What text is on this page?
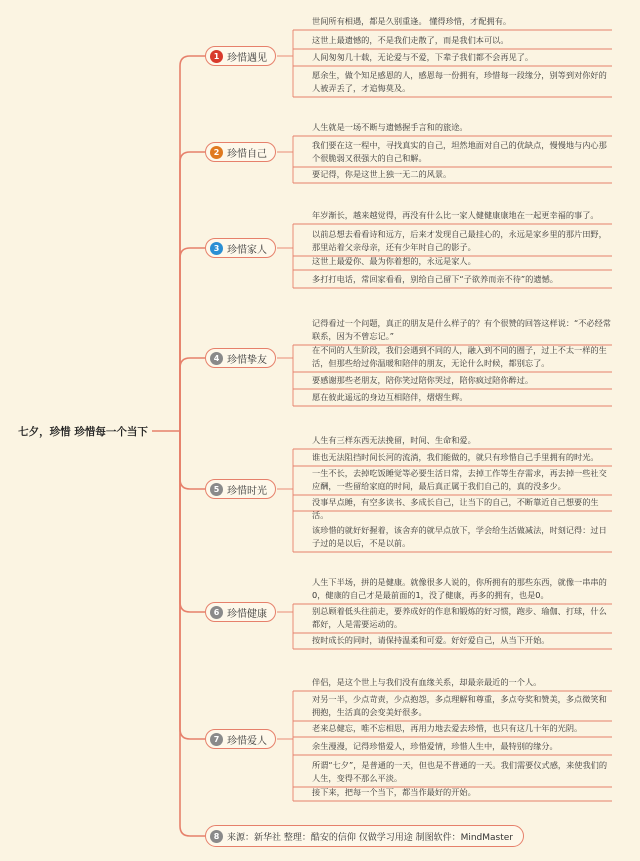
七夕，珍惜 珍惜每一个当下
1 珍惜遇见
世间所有相遇，都是久别重逢。 懂得珍惜，才配拥有。
这世上最遗憾的，不是我们走散了，而是我们本可以。
人间匆匆几十载，无论爱与不爱，下辈子我们都不会再见了。
愿余生，做个知足感恩的人，感恩每一份拥有，珍惜每一段缘分，别等到对你好的人被弄丢了，才追悔莫及。
2 珍惜自己
人生就是一场不断与遗憾握手言和的旅途。
我们要在这一程中，寻找真实的自己，坦然地面对自己的优缺点，慢慢地与内心那个很脆弱又很强大的自己和解。
要记得，你是这世上独一无二的风景。
3 珍惜家人
年岁渐长，越来越觉得，再没有什么比一家人健健康康地在一起更幸福的事了。
以前总想去看看诗和远方，后来才发现自己最挂心的，永远是家乡里的那片田野，那里站着父亲母亲，还有少年时自己的影子。
这世上最爱你、最为你着想的，永远是家人。
多打打电话，常回家看看，别给自己留下“子欲养而亲不待”的遗憾。
4 珍惜挚友
记得看过一个问题，真正的朋友是什么样子的？有个很赞的回答这样说：“不必经常联系，因为不曾忘记。”
在不同的人生阶段，我们会遇到不同的人，融入到不同的圈子，过上不太一样的生活，但那些给过你温暖和陪伴的朋友，无论什么时候，都别忘了。
要感谢那些老朋友，陪你笑过陪你哭过，陪你疯过陪你醉过。
愿在彼此遥远的身边互相陪伴，熠熠生辉。
5 珍惜时光
人生有三样东西无法挽留，时间、生命和爱。
谁也无法阻挡时间长河的流淌，我们能做的，就只有珍惜自己手里拥有的时光。
一生不长，去掉吃饭睡觉等必要生活日常，去掉工作等生存需求，再去掉一些社交应酬，一些留给家庭的时间，最后真正属于我们自己的，真的没多少。
没事早点睡，有空多读书、多成长自己，让当下的自己，不断靠近自己想要的生活。
该珍惜的就好好握着，该舍弃的就早点放下，学会给生活做减法，时刻记得：过日子过的是以后，不是以前。
6 珍惜健康
人生下半场，拼的是健康。就像很多人说的，你所拥有的那些东西，就像一串串的0，健康的自己才是最前面的1，没了健康，再多的拥有，也是0。
别总顾着低头往前走，要养成好的作息和锻炼的好习惯，跑步、瑜伽、打球，什么都好，人是需要运动的。
按时成长的同时，请保持温柔和可爱。好好爱自己，从当下开始。
7 珍惜爱人
伴侣，是这个世上与我们没有血缘关系，却最亲最近的一个人。
对另一半，少点苛责，少点抱怨，多点理解和尊重，多点夸奖和赞美，多点微笑和拥抱，生活真的会变美好很多。
老来总健忘，唯不忘相思，再用力地去爱去珍惜，也只有这几十年的光阴。
余生漫漫，记得珍惜爱人，珍惜爱情，珍惜人生中，最特别的缘分。
所谓“七夕”，是普通的一天，但也是不普通的一天。我们需要仪式感，来使我们的人生，变得不那么平淡。
接下来，把每一个当下，都当作最好的开始。
8 来源：新华社 整理：酷安的信仰 仅做学习用途 制图软件：MindMaster
